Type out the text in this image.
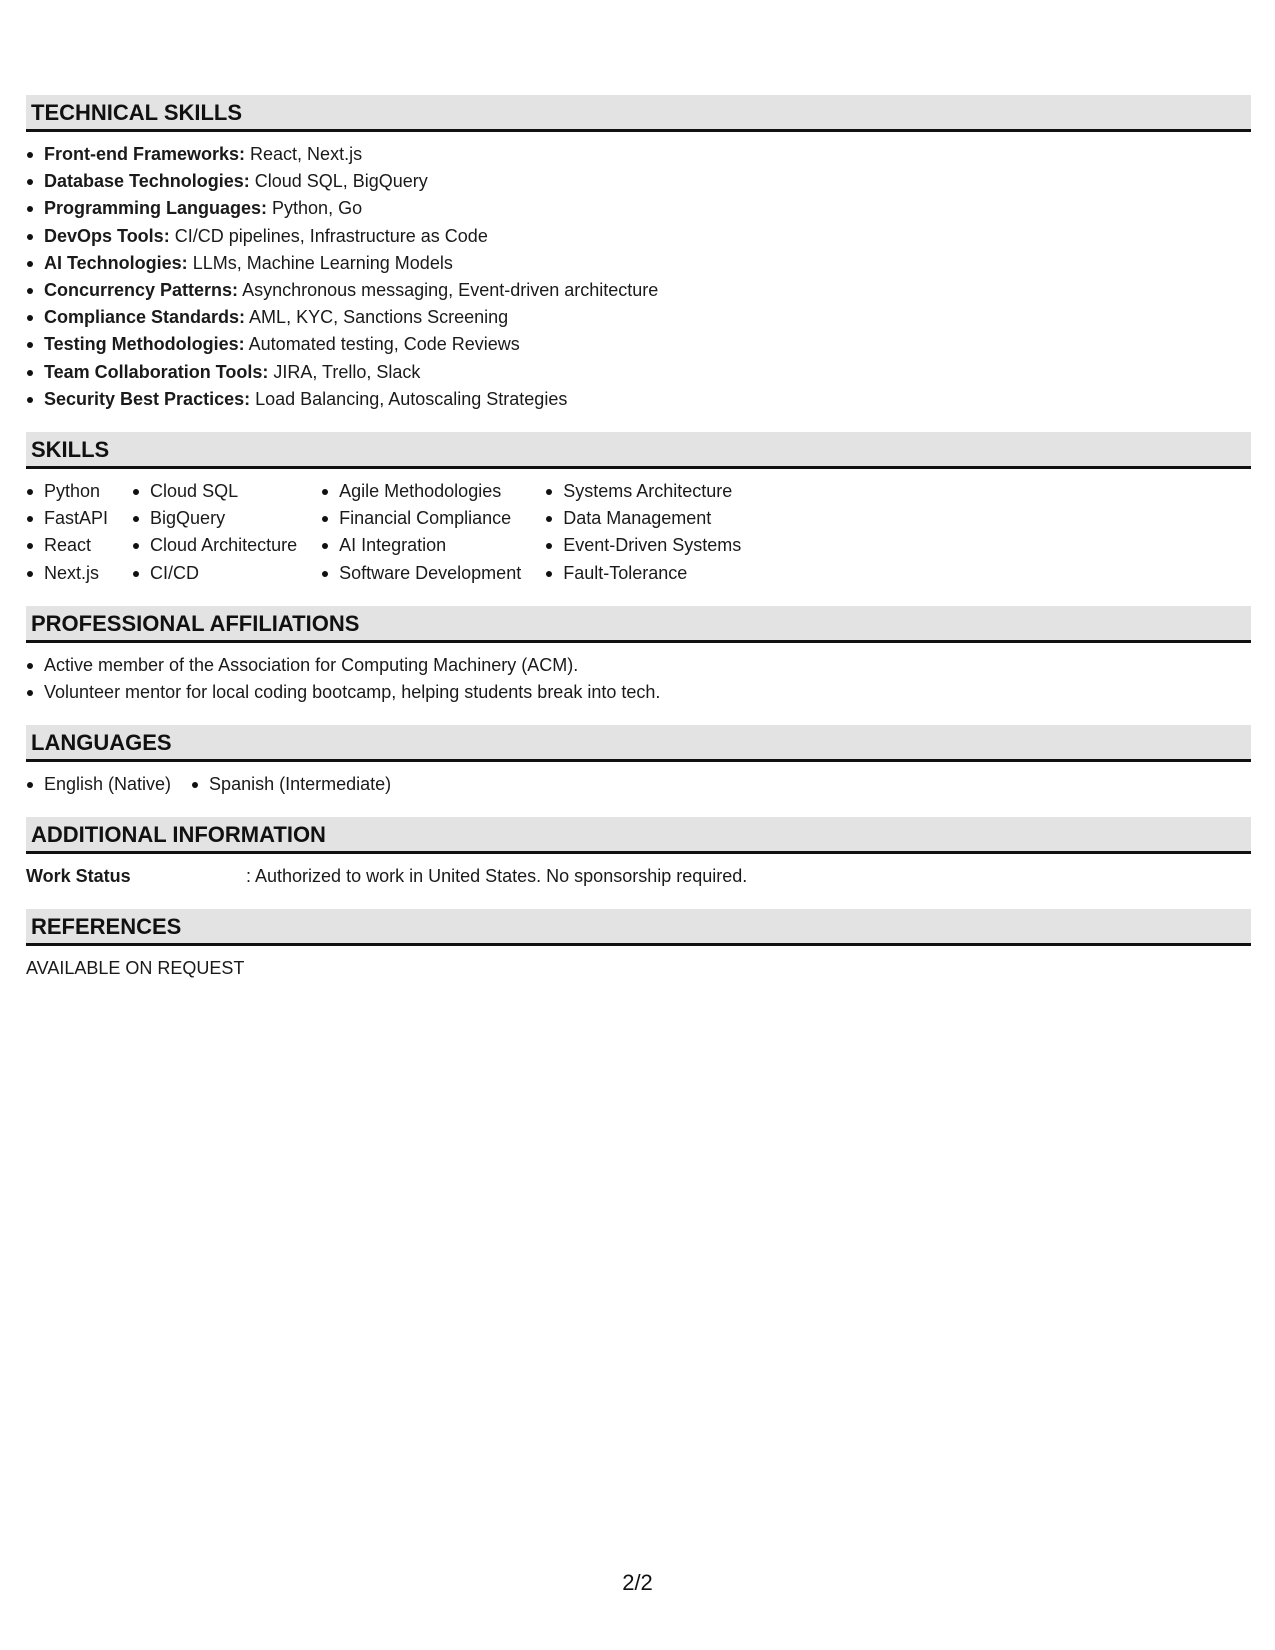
TECHNICAL SKILLS
Front-end Frameworks: React, Next.js
Database Technologies: Cloud SQL, BigQuery
Programming Languages: Python, Go
DevOps Tools: CI/CD pipelines, Infrastructure as Code
AI Technologies: LLMs, Machine Learning Models
Concurrency Patterns: Asynchronous messaging, Event-driven architecture
Compliance Standards: AML, KYC, Sanctions Screening
Testing Methodologies: Automated testing, Code Reviews
Team Collaboration Tools: JIRA, Trello, Slack
Security Best Practices: Load Balancing, Autoscaling Strategies
SKILLS
Python
FastAPI
React
Next.js
Cloud SQL
BigQuery
Cloud Architecture
CI/CD
Agile Methodologies
Financial Compliance
AI Integration
Software Development
Systems Architecture
Data Management
Event-Driven Systems
Fault-Tolerance
PROFESSIONAL AFFILIATIONS
Active member of the Association for Computing Machinery (ACM).
Volunteer mentor for local coding bootcamp, helping students break into tech.
LANGUAGES
English (Native)	Spanish (Intermediate)
ADDITIONAL INFORMATION
Work Status	: Authorized to work in United States. No sponsorship required.
REFERENCES
AVAILABLE ON REQUEST
2/2
